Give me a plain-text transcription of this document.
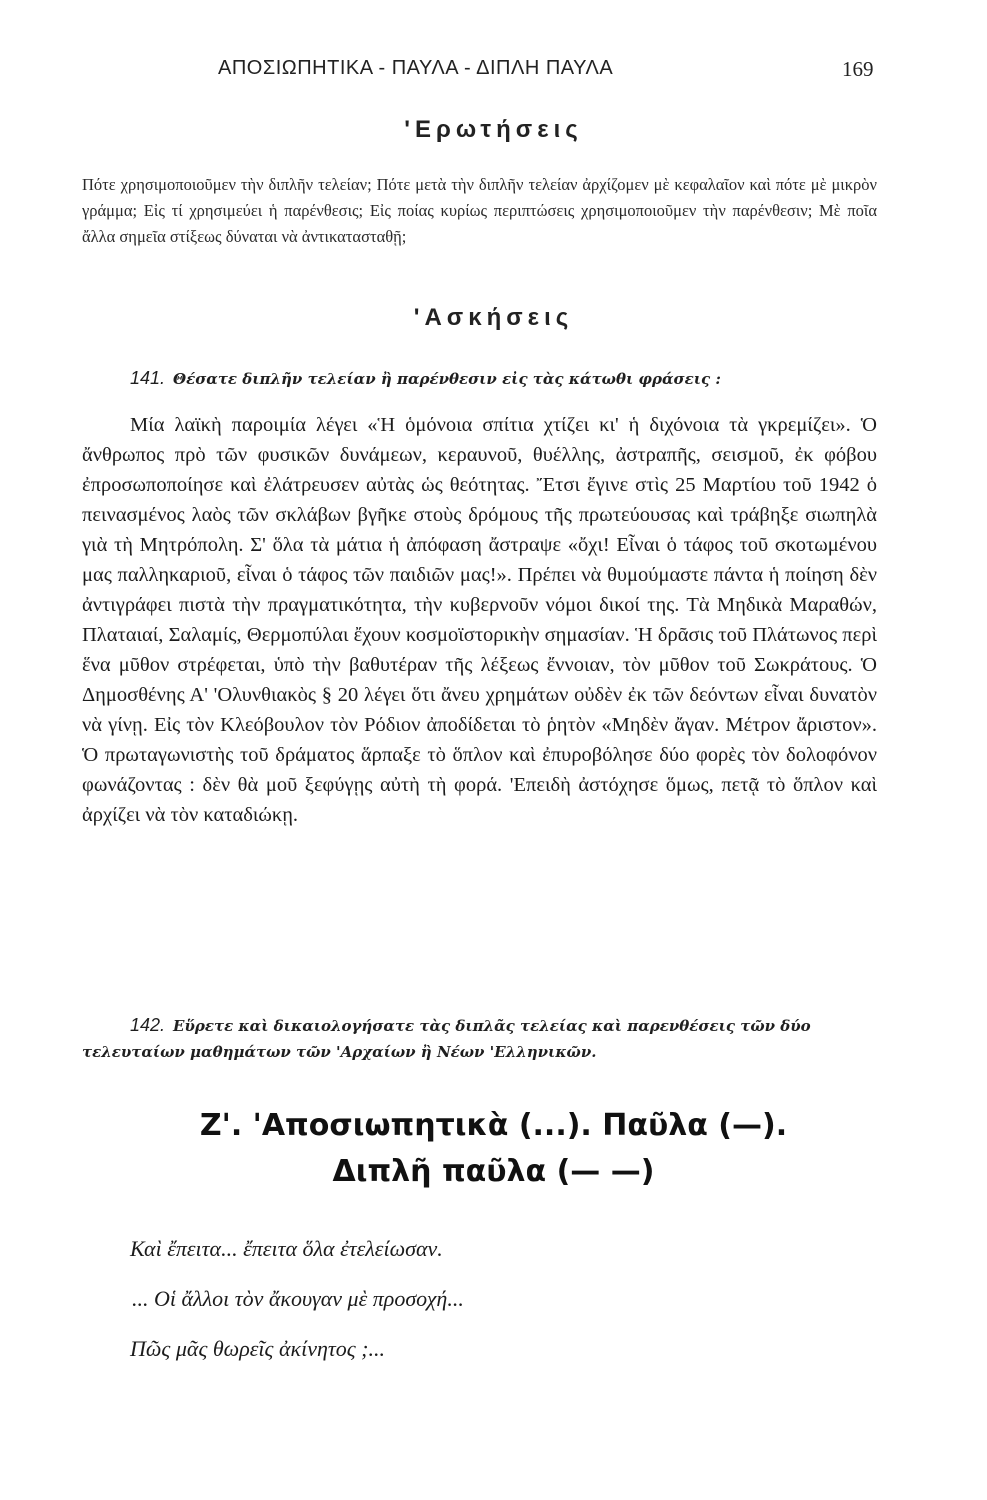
ΑΠΟΣΙΩΠΗΤΙΚΑ - ΠΑΥΛΑ - ΔΙΠΛΗ ΠΑΥΛΑ	169
'Ερωτήσεις
Πότε χρησιμοποιοῦμεν τὴν διπλῆν τελείαν; Πότε μετὰ τὴν διπλῆν τελείαν ἀρχίζομεν μὲ κεφαλαῖον καὶ πότε μὲ μικρὸν γράμμα; Εἰς τί χρησιμεύει ἡ παρένθεσις; Εἰς ποίας κυρίως περιπτώσεις χρησιμοποιοῦμεν τὴν παρένθεσιν; Μὲ ποῖα ἄλλα σημεῖα στίξεως δύναται νὰ ἀντικατασταθῇ;
'Ασκήσεις
141. Θέσατε διπλῆν τελείαν ἢ παρένθεσιν εἰς τὰς κάτωθι φράσεις :

Μία λαϊκὴ παροιμία λέγει «Ἡ ὁμόνοια σπίτια χτίζει κι' ἡ διχόνοια τὰ γκρεμίζει». Ὁ ἄνθρωπος πρὸ τῶν φυσικῶν δυνάμεων, κεραυνοῦ, θυέλλης, ἀστραπῆς, σεισμοῦ, ἐκ φόβου ἐπροσωποποίησε καὶ ἐλάτρευσεν αὐτὰς ὡς θεότητας. Ἔτσι ἔγινε στὶς 25 Μαρτίου τοῦ 1942 ὁ πεινασμένος λαὸς τῶν σκλάβων βγῆκε στοὺς δρόμους τῆς πρωτεύουσας καὶ τράβηξε σιωπηλὰ γιὰ τὴ Μητρόπολη. Σ' ὅλα τὰ μάτια ἡ ἀπόφαση ἄστραψε «ὄχι! Εἶναι ὁ τάφος τοῦ σκοτωμένου μας παλληκαριοῦ, εἶναι ὁ τάφος τῶν παιδιῶν μας!». Πρέπει νὰ θυμούμαστε πάντα ἡ ποίηση δὲν ἀντιγράφει πιστὰ τὴν πραγματικότητα, τὴν κυβερνοῦν νόμοι δικοί της. Τὰ Μηδικὰ Μαραθών, Πλαταιαί, Σαλαμίς, Θερμοπύλαι ἔχουν κοσμοϊστορικὴν σημασίαν. Ἡ δρᾶσις τοῦ Πλάτωνος περὶ ἕνα μῦθον στρέφεται, ὑπὸ τὴν βαθυτέραν τῆς λέξεως ἔννοιαν, τὸν μῦθον τοῦ Σωκράτους. Ὁ Δημοσθένης Α' 'Ολυνθιακὸς § 20 λέγει ὅτι ἄνευ χρημάτων οὐδὲν ἐκ τῶν δεόντων εἶναι δυνατὸν νὰ γίνῃ. Εἰς τὸν Κλεόβουλον τὸν Ρόδιον ἀποδίδεται τὸ ῥητὸν «Μηδὲν ἄγαν. Μέτρον ἄριστον». Ὁ πρωταγωνιστὴς τοῦ δράματος ἅρπαξε τὸ ὅπλον καὶ ἐπυροβόλησε δύο φορὲς τὸν δολοφόνον φωνάζοντας : δὲν θὰ μοῦ ξεφύγῃς αὐτὴ τὴ φορά. 'Επειδὴ ἀστόχησε ὅμως, πετᾷ τὸ ὅπλον καὶ ἀρχίζει νὰ τὸν καταδιώκῃ.

142. Εὕρετε καὶ δικαιολογήσατε τὰς διπλᾶς τελείας καὶ παρενθέσεις τῶν δύο τελευταίων μαθημάτων τῶν 'Αρχαίων ἢ Νέων 'Ελληνικῶν.
Ζ'. 'Αποσιωπητικὰ (...). Παῦλα (—).
Διπλῆ παῦλα (— —)
Καὶ ἔπειτα... ἔπειτα ὅλα ἐτελείωσαν.
... Οἱ ἄλλοι τὸν ἄκουγαν μὲ προσοχή...
Πῶς μᾶς θωρεῖς ἀκίνητος ;...
